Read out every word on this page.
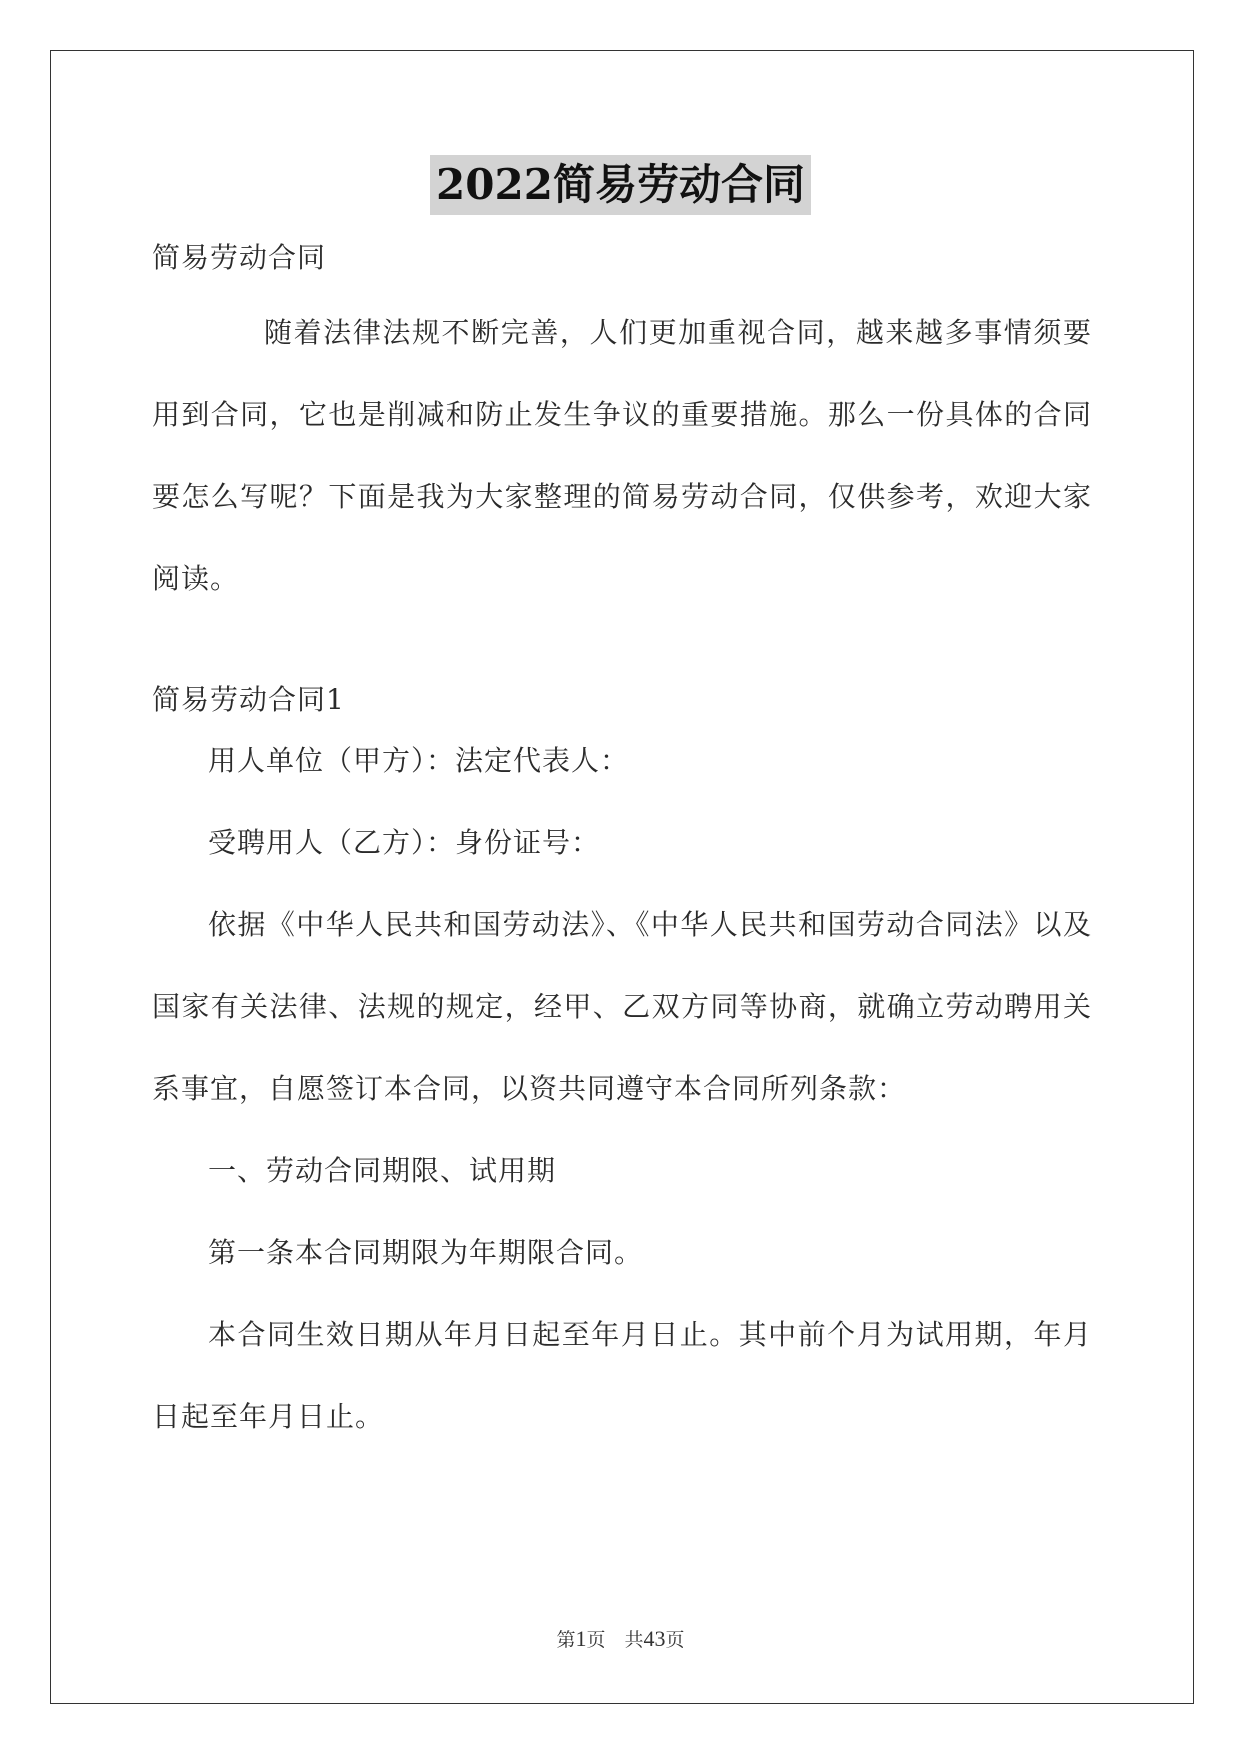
2022简易劳动合同
简易劳动合同
随着法律法规不断完善，人们更加重视合同，越来越多事情须要用到合同，它也是削减和防止发生争议的重要措施。那么一份具体的合同要怎么写呢？下面是我为大家整理的简易劳动合同，仅供参考，欢迎大家阅读。
简易劳动合同1
用人单位（甲方）：法定代表人：
受聘用人（乙方）：身份证号：
依据《中华人民共和国劳动法》、《中华人民共和国劳动合同法》以及国家有关法律、法规的规定，经甲、乙双方同等协商，就确立劳动聘用关系事宜，自愿签订本合同，以资共同遵守本合同所列条款：
一、劳动合同期限、试用期
第一条本合同期限为年期限合同。
本合同生效日期从年月日起至年月日止。其中前个月为试用期，年月日起至年月日止。
第1页　共43页
